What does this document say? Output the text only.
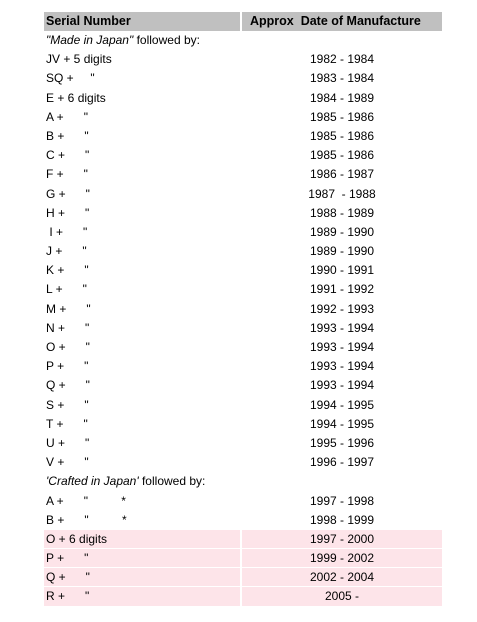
Serial Number	Approx  Date of Manufacture
"Made in Japan" followed by:
JV + 5 digits	1982 - 1984
SQ +     "	1983 - 1984
E + 6 digits	1984 - 1989
A +      "	1985 - 1986
B +      "	1985 - 1986
C +      "	1985 - 1986
F +      "	1986 - 1987
G +      "	1987  - 1988
H +      "	1988 - 1989
I +      "	1989 - 1990
J +      "	1989 - 1990
K +      "	1990 - 1991
L +      "	1991 - 1992
M +      "	1992 - 1993
N +      "	1993 - 1994
O +      "	1993 - 1994
P +      "	1993 - 1994
Q +      "	1993 - 1994
S +      "	1994 - 1995
T +      "	1994 - 1995
U +      "	1995 - 1996
V +      "	1996 - 1997
'Crafted in Japan' followed by:
A +      "          *	1997 - 1998
B +      "          *	1998 - 1999
O + 6 digits	1997 - 2000
P +      "	1999 - 2002
Q +      "	2002 - 2004
R +      "	2005 -
